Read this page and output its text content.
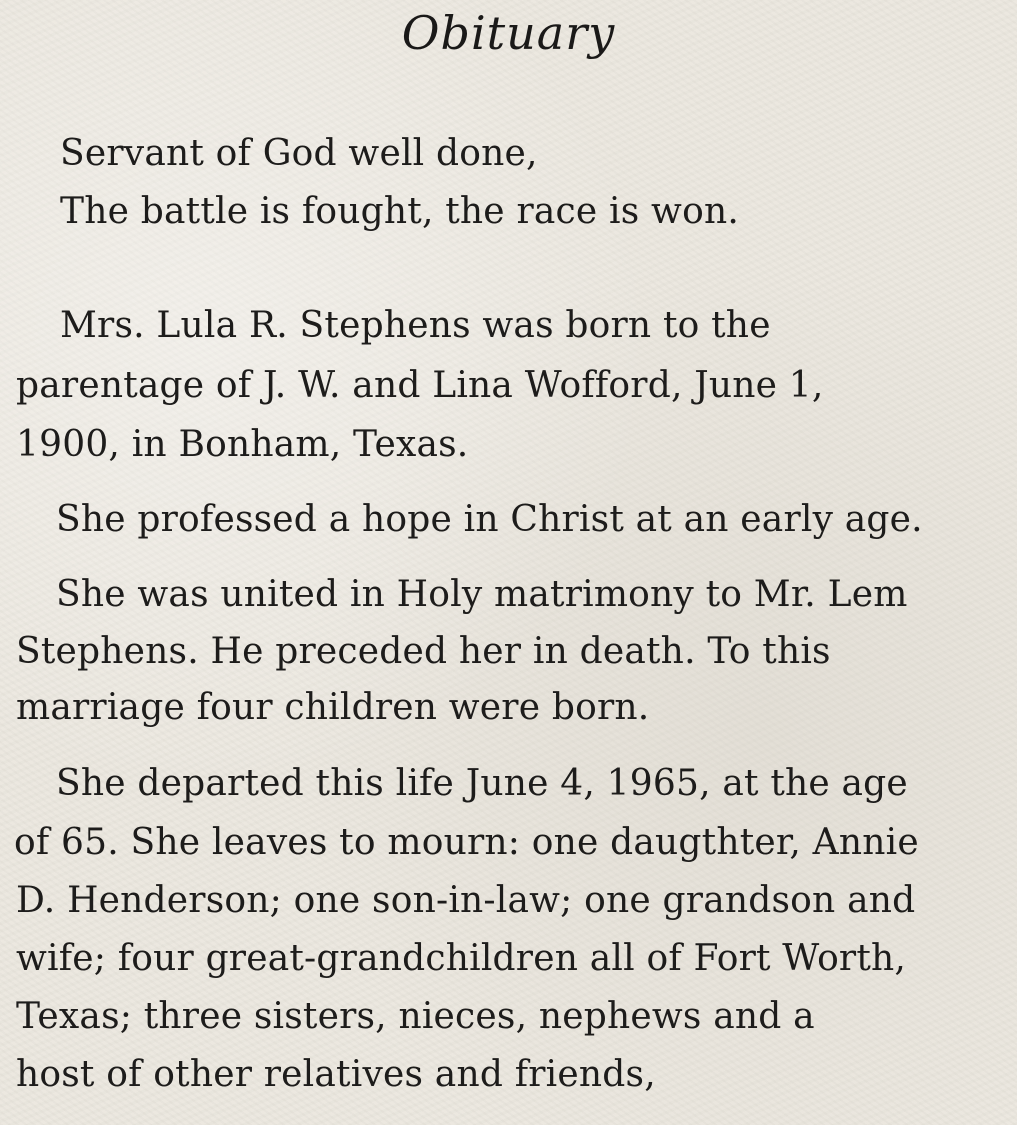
Obituary
Servant of God well done,
The battle is fought, the race is won.
Mrs. Lula R. Stephens was born to the
parentage of J. W. and Lina Wofford, June 1,
1900, in Bonham, Texas.
She professed a hope in Christ at an early age.
She was united in Holy matrimony to Mr. Lem
Stephens. He preceded her in death. To this
marriage four children were born.
She departed this life June 4, 1965, at the age
of 65. She leaves to mourn: one daugthter, Annie
D. Henderson; one son-in-law; one grandson and
wife; four great-grandchildren all of Fort Worth,
Texas; three sisters, nieces, nephews and a
host of other relatives and friends,
